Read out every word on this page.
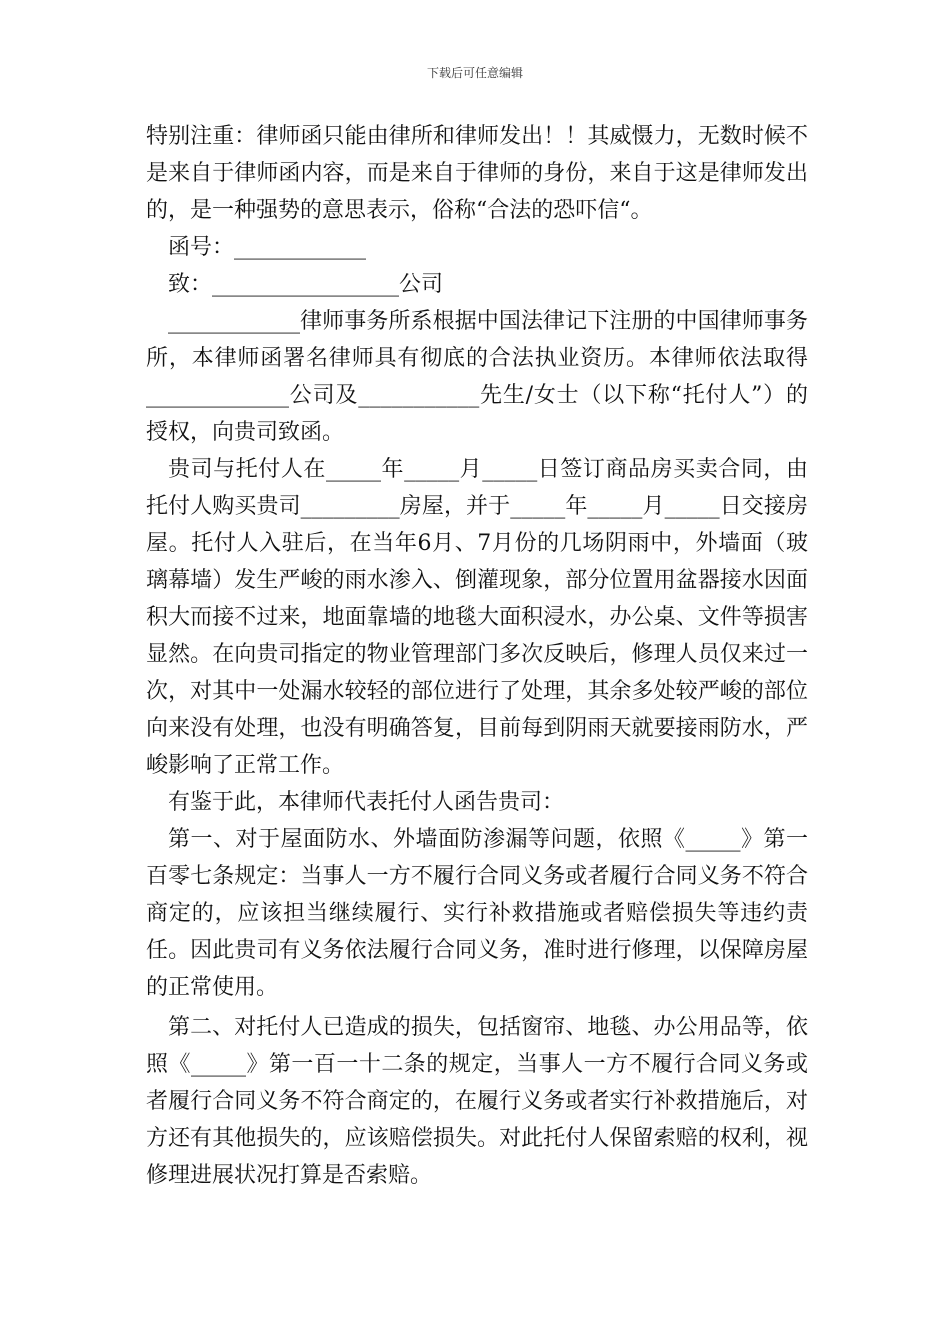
下载后可任意编辑

特别注重：律师函只能由律所和律师发出！！其威慑力，无数时候不是来自于律师函内容，而是来自于律师的身份，来自于这是律师发出的，是一种强势的意思表示，俗称“合法的恐吓信“。

函号：____________

致：_________________公司

____________律师事务所系根据中国法律记下注册的中国律师事务所，本律师函署名律师具有彻底的合法执业资历。本律师依法取得_____________公司及___________先生/女士（以下称“托付人”）的授权，向贵司致函。

贵司与托付人在_____年_____月_____日签订商品房买卖合同，由托付人购买贵司_________房屋，并于_____年_____月_____日交接房屋。托付人入驻后，在当年6月、7月份的几场阴雨中，外墙面（玻璃幕墙）发生严峻的雨水渗入、倒灌现象，部分位置用盆器接水因面积大而接不过来，地面靠墙的地毯大面积浸水，办公桌、文件等损害显然。在向贵司指定的物业管理部门多次反映后，修理人员仅来过一次，对其中一处漏水较轻的部位进行了处理，其余多处较严峻的部位向来没有处理，也没有明确答复，目前每到阴雨天就要接雨防水，严峻影响了正常工作。

有鉴于此，本律师代表托付人函告贵司：

第一、对于屋面防水、外墙面防渗漏等问题，依照《_____》第一百零七条规定：当事人一方不履行合同义务或者履行合同义务不符合商定的，应该担当继续履行、实行补救措施或者赔偿损失等违约责任。因此贵司有义务依法履行合同义务，准时进行修理，以保障房屋的正常使用。

第二、对托付人已造成的损失，包括窗帘、地毯、办公用品等，依照《_____》第一百一十二条的规定，当事人一方不履行合同义务或者履行合同义务不符合商定的，在履行义务或者实行补救措施后，对方还有其他损失的，应该赔偿损失。对此托付人保留索赔的权利，视修理进展状况打算是否索赔。
